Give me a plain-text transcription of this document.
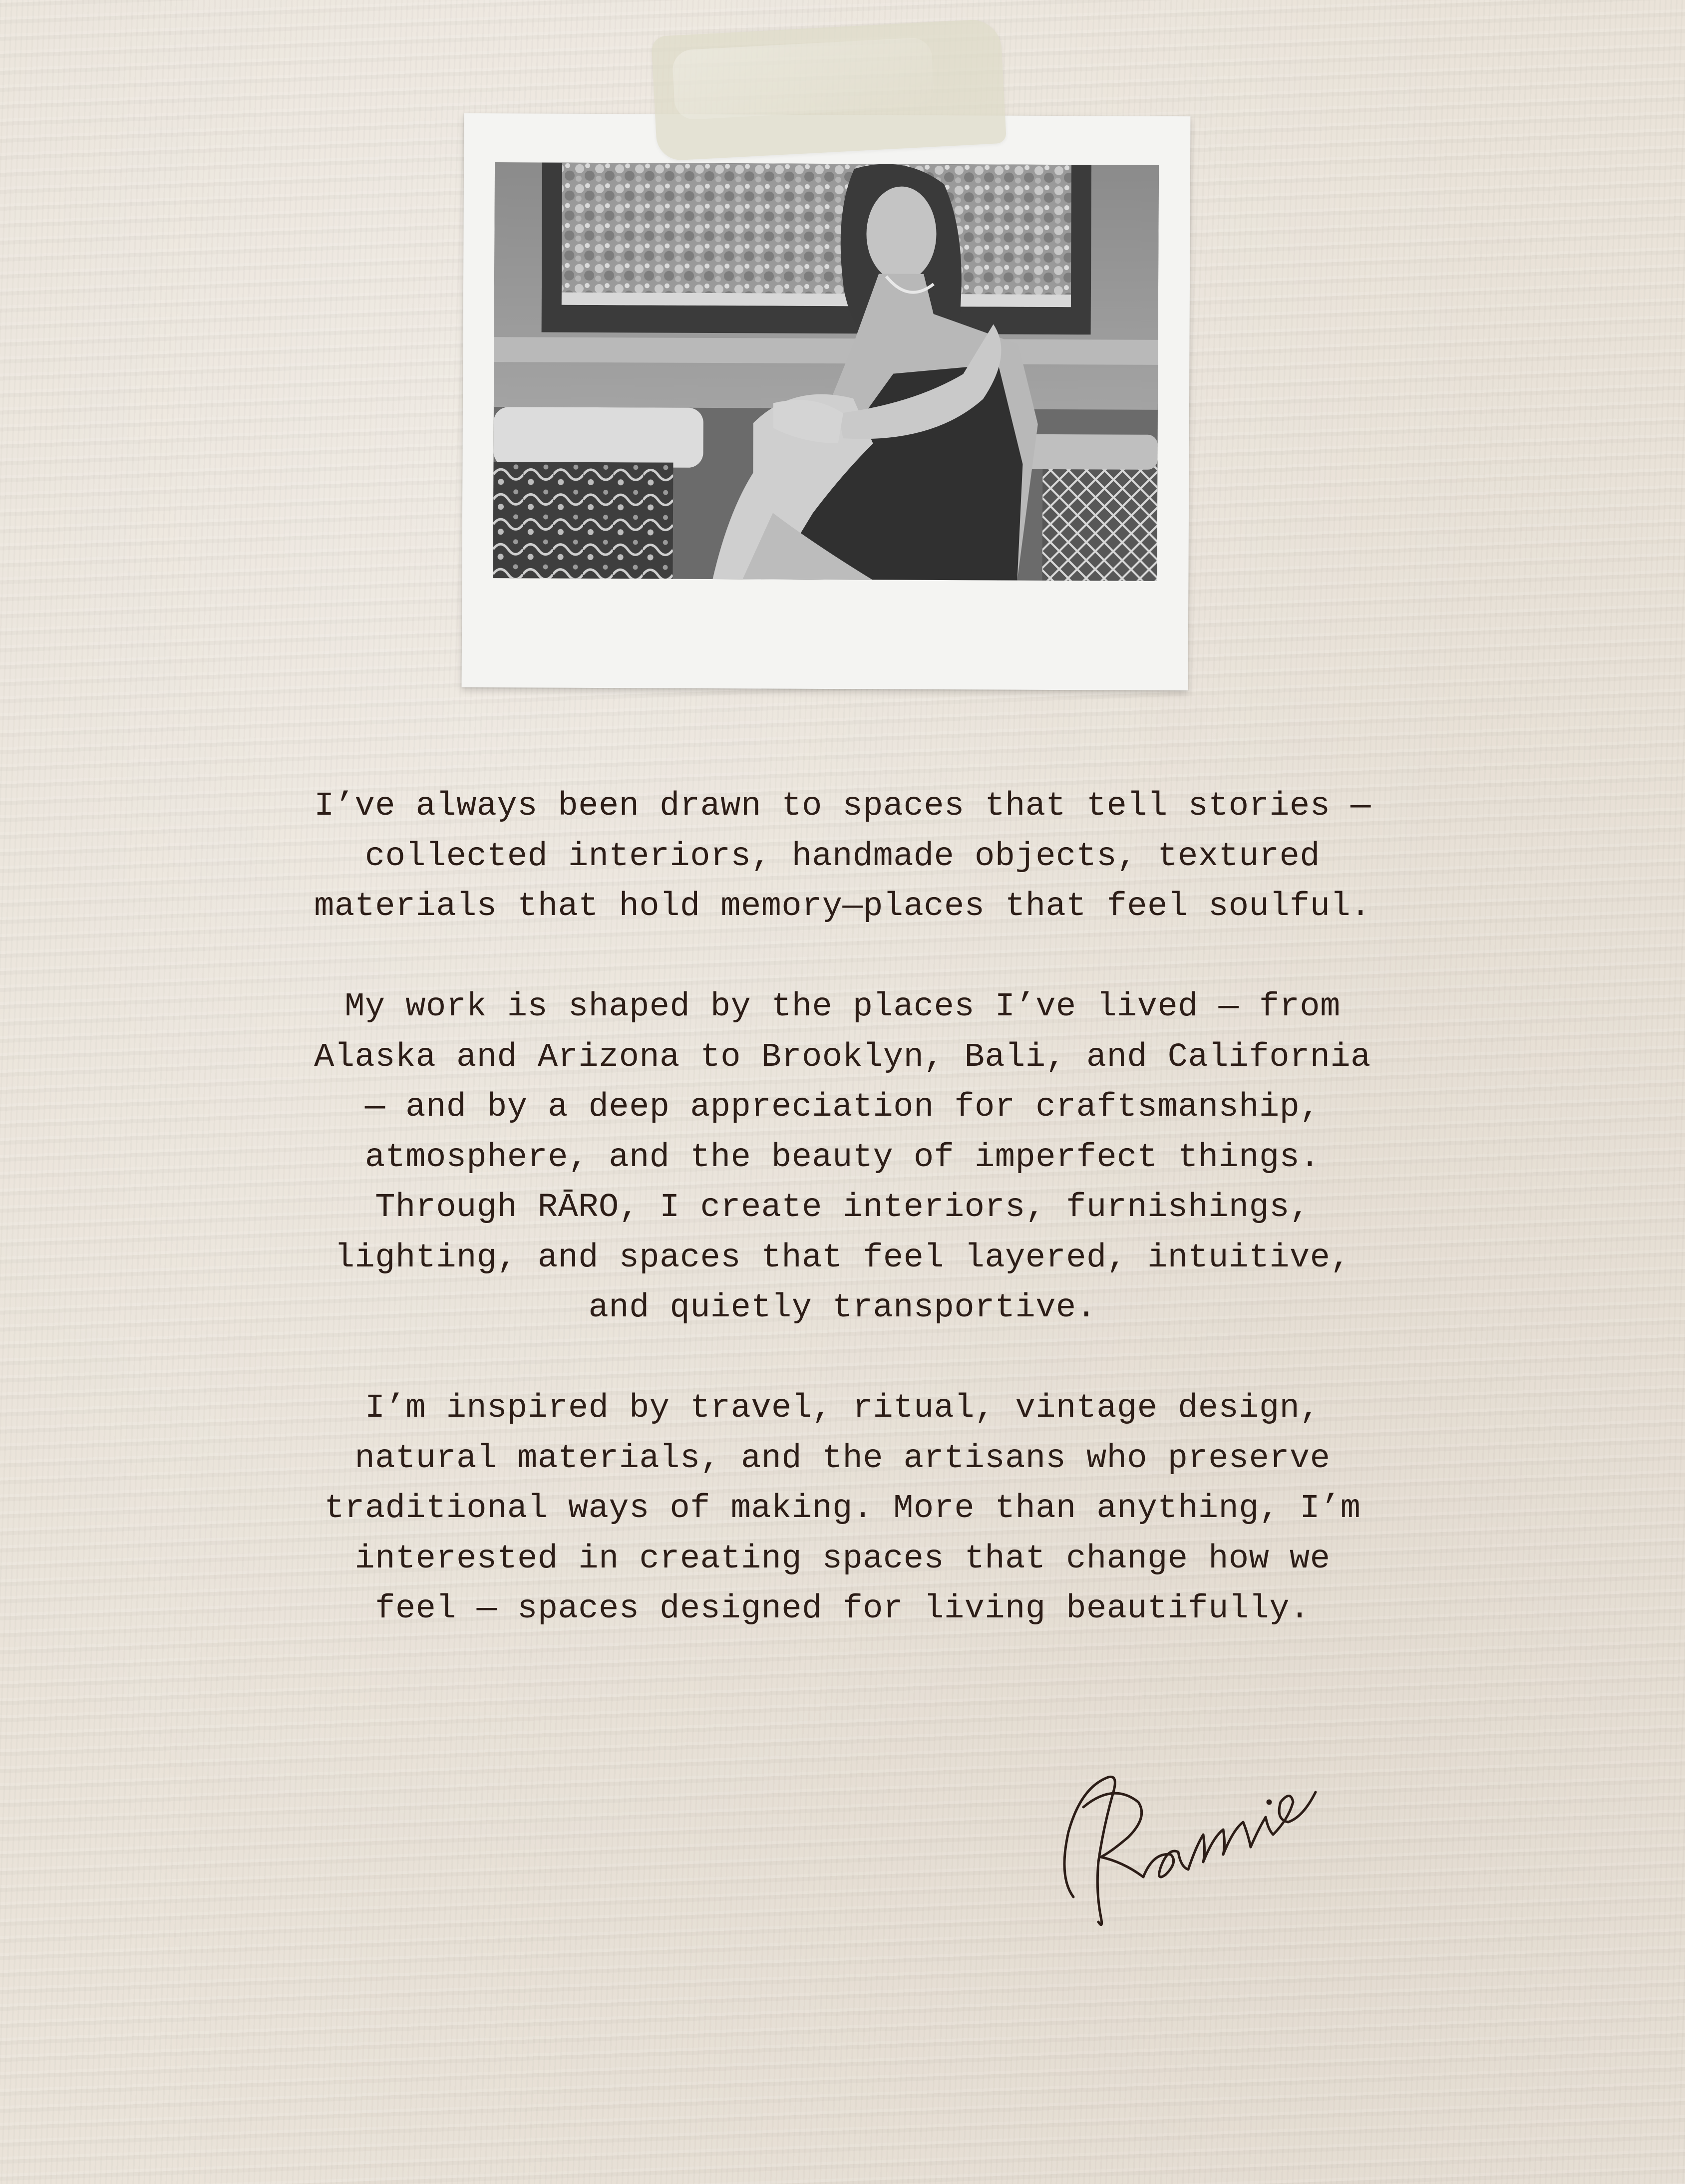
I’ve always been drawn to spaces that tell stories —
collected interiors, handmade objects, textured
materials that hold memory—places that feel soulful.

My work is shaped by the places I’ve lived — from
Alaska and Arizona to Brooklyn, Bali, and California
— and by a deep appreciation for craftsmanship,
atmosphere, and the beauty of imperfect things.
Through RĀRO, I create interiors, furnishings,
lighting, and spaces that feel layered, intuitive,
and quietly transportive.

I’m inspired by travel, ritual, vintage design,
natural materials, and the artisans who preserve
traditional ways of making. More than anything, I’m
interested in creating spaces that change how we
feel — spaces designed for living beautifully.
